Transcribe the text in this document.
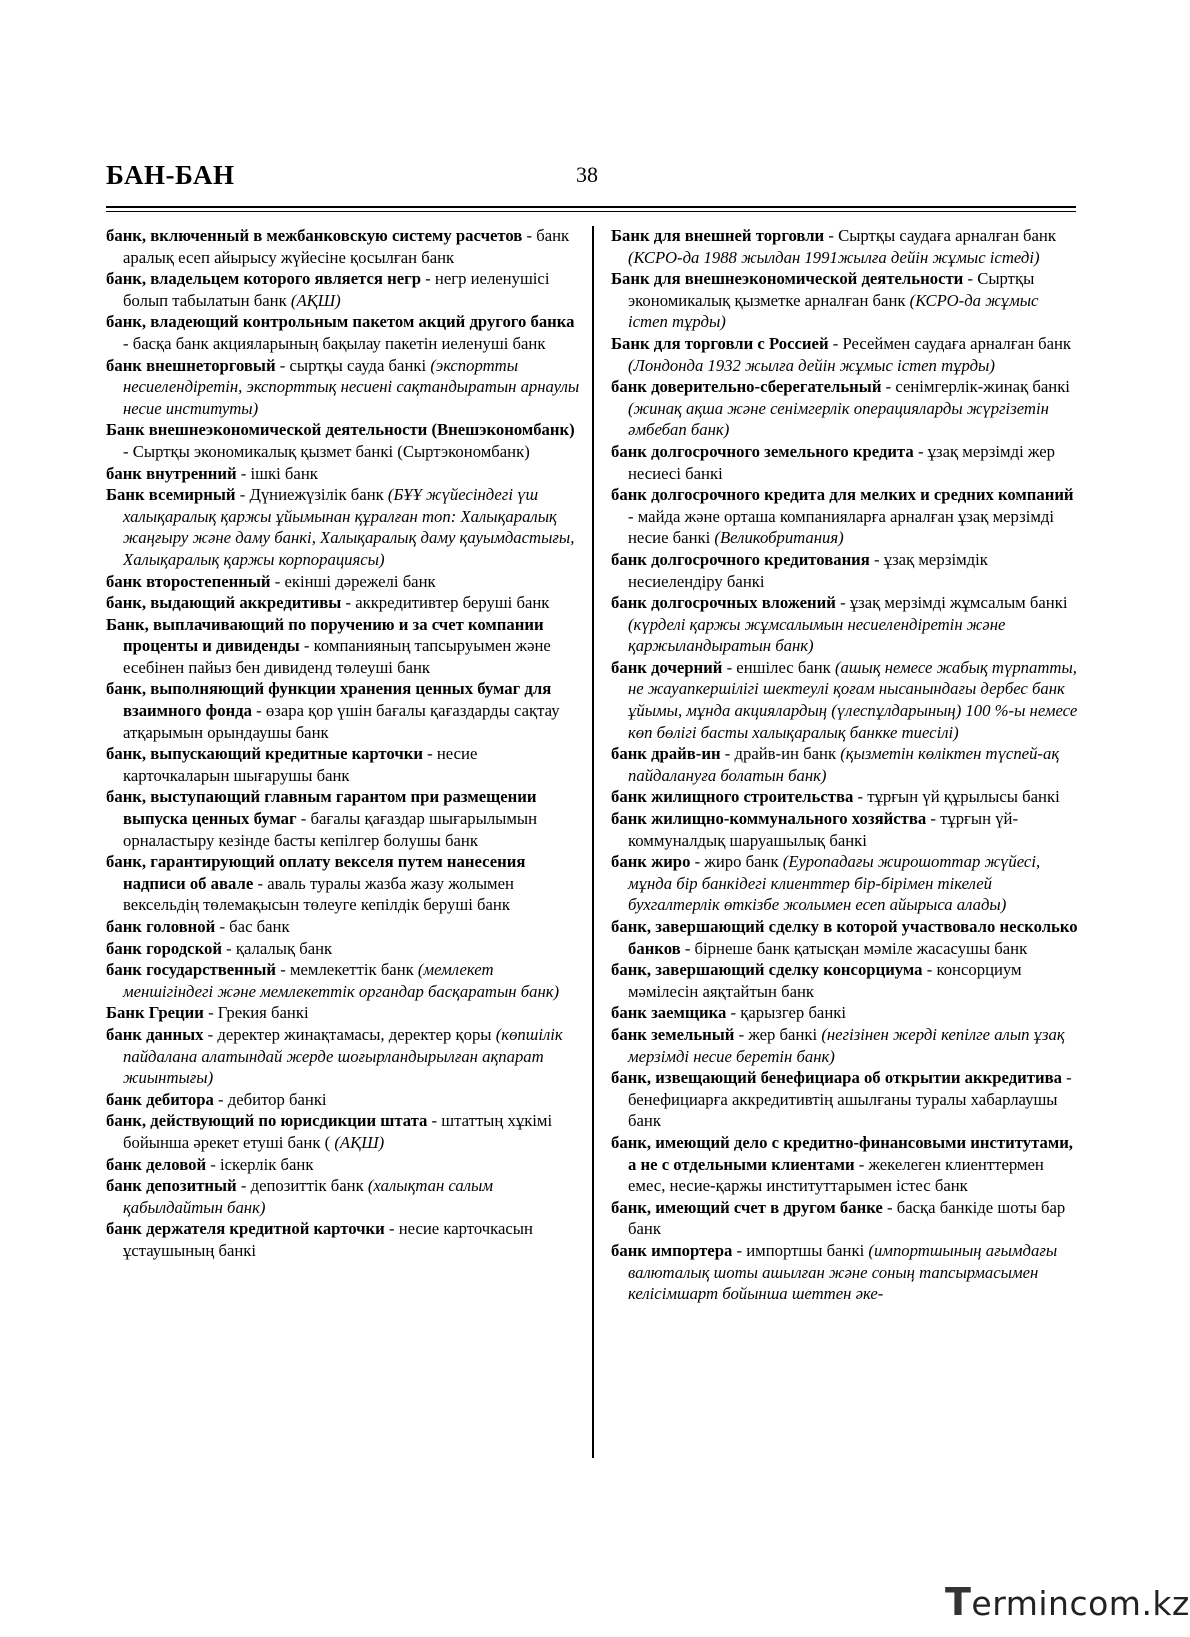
БАН-БАН	38

банк, включенный в межбанковскую систему расчетов - банк аралық есеп айырысу жүйесіне қосылған банк

банк, владельцем которого является негр - негр иеленушісі болып табылатын банк (АҚШ)

банк, владеющий контрольным пакетом акций другого банка - басқа банк акцияларының бақылау пакетін иеленуші банк

банк внешнеторговый - сыртқы сауда банкі (экспортты несиелендіретін, экспорттық несиені сақтандыратын арнаулы несие институты)

Банк внешнеэкономической деятельности (Внешэкономбанк) - Сыртқы экономикалық қызмет банкі (Сыртэкономбанк)

банк внутренний - ішкі банк

Банк всемирный - Дүниежүзілік банк (БҰҰ жүйесіндегі үш халықаралық қаржы ұйымынан құралған топ: Халықаралық жаңғыру және даму банкі, Халықаралық даму қауымдастығы, Халықаралық қаржы корпорациясы)

банк второстепенный - екінші дәрежелі банк

банк, выдающий аккредитивы - аккредитивтер беруші банк

Банк, выплачивающий по поручению и за счет компании проценты и дивиденды - компанияның тапсыруымен және есебінен пайыз бен дивиденд төлеуші банк

банк, выполняющий функции хранения ценных бумаг для взаимного фонда - өзара қор үшін бағалы қағаздарды сақтау атқарымын орындаушы банк

банк, выпускающий кредитные карточки - несие карточкаларын шығарушы банк

банк, выступающий главным гарантом при размещении выпуска ценных бумаг - бағалы қағаздар шығарылымын орналастыру кезінде басты кепілгер болушы банк

банк, гарантирующий оплату векселя путем нанесения надписи об авале - аваль туралы жазба жазу жолымен вексельдің төлемақысын төлеуге кепілдік беруші банк

банк головной - бас банк

банк городской - қалалық банк

банк государственный - мемлекеттік банк (мемлекет меншігіндегі және мемлекеттік органдар басқаратын банк)

Банк Греции - Грекия банкі

банк данных - деректер жинақтамасы, деректер қоры (көпшілік пайдалана алатындай жерде шоғырландырылған ақпарат жиынтығы)

банк дебитора - дебитор банкі

банк, действующий по юрисдикции штата - штаттың хұкімі бойынша әрекет етуші банк ( (АҚШ)

банк деловой - іскерлік банк

банк депозитный - депозиттік банк (халықтан салым қабылдайтын банк)

банк держателя кредитной карточки - несие карточкасын ұстаушының банкі

Банк для внешней торговли - Сыртқы саудаға арналған банк (КСРО-да 1988 жылдан 1991жылға дейін жұмыс істеді)

Банк для внешнеэкономической деятельности - Сыртқы экономикалық қызметке арналған банк (КСРО-да жұмыс істеп тұрды)

Банк для торговли с Россией - Ресеймен саудаға арналған банк (Лондонда 1932 жылға дейін жұмыс істеп тұрды)

банк доверительно-сберегательный - сенімгерлік-жинақ банкі (жинақ ақша және сенімгерлік операцияларды жүргізетін әмбебап банк)

банк долгосрочного земельного кредита - ұзақ мерзімді жер несиесі банкі

банк долгосрочного кредита для мелких и средних компаний - майда және орташа компанияларға арналған ұзақ мерзімді несие банкі (Великобритания)

банк долгосрочного кредитования - ұзақ мерзімдік несиелендіру банкі

банк долгосрочных вложений - ұзақ мерзімді жұмсалым банкі (күрделі қаржы жұмсалымын несиелендіретін және қаржыландыратын банк)

банк дочерний - еншілес банк (ашық немесе жабық түрпатты, не жауапкершілігі шектеулі қоғам нысанындағы дербес банк ұйымы, мұнда акциялардың (үлеспұлдарының) 100 %-ы немесе көп бөлігі басты халықаралық банкке тиесілі)

банк драйв-ин - драйв-ин банк (қызметін көліктен түспей-ақ пайдалануға болатын банк)

банк жилищного строительства - тұрғын үй құрылысы банкі

банк жилищно-коммунального хозяйства - тұрғын үй-коммуналдық шаруашылық банкі

банк жиро - жиро банк (Еуропадағы жирошоттар жүйесі, мұнда бір банкідегі клиенттер бір-бірімен тікелей бухгалтерлік өткізбе жолымен есеп айырыса алады)

банк, завершающий сделку в которой участвовало несколько банков - бірнеше банк қатысқан мәміле жасасушы банк

банк, завершающий сделку консорциума - консорциум мәмілесін аяқтайтын банк

банк заемщика - қарызгер банкі

банк земельный - жер банкі (негізінен жерді кепілге алып ұзақ мерзімді несие беретін банк)

банк, извещающий бенефициара об открытии аккредитива - бенефициарға аккредитивтің ашылғаны туралы хабарлаушы банк

банк, имеющий дело с кредитно-финансовыми институтами, а не с отдельными клиентами - жекелеген клиенттермен емес, несие-қаржы институттарымен істес банк

банк, имеющий счет в другом банке - басқа банкіде шоты бар банк

банк импортера - импортшы банкі (импортшының ағымдағы валюталық шоты ашылған және соның тапсырмасымен келісімшарт бойынша шеттен әке-

Termincom.kz
